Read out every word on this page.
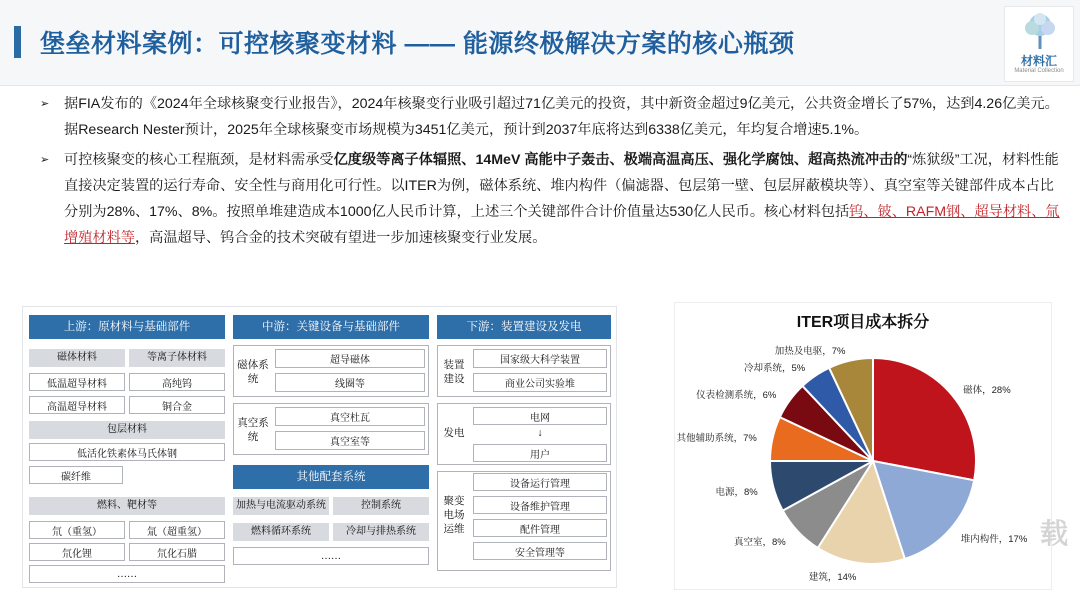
堡垒材料案例：可控核聚变材料 —— 能源终极解决方案的核心瓶颈
材料汇
Material Collection
➢ 据FIA发布的《2024年全球核聚变行业报告》，2024年核聚变行业吸引超过71亿美元的投资，其中新资金超过9亿美元，公共资金增长了57%，达到4.26亿美元。据Research Nester预计，2025年全球核聚变市场规模为3451亿美元，预计到2037年底将达到6338亿美元，年均复合增速5.1%。
➢ 可控核聚变的核心工程瓶颈，是材料需承受亿度级等离子体辐照、14MeV 高能中子轰击、极端高温高压、强化学腐蚀、超高热流冲击的“炼狱级”工况，材料性能直接决定装置的运行寿命、安全性与商用化可行性。以ITER为例，磁体系统、堆内构件（偏滤器、包层第一壁、包层屏蔽模块等）、真空室等关键部件成本占比分别为28%、17%、8%。按照单堆建造成本1000亿人民币计算，上述三个关键部件合计价值量达530亿人民币。核心材料包括钨、铍、RAFM钢、超导材料、氚增殖材料等，高温超导、钨合金的技术突破有望进一步加速核聚变行业发展。
上游：原材料与基础部件
磁体材料	等离子体材料
低温超导材料	高纯钨
高温超导材料	铜合金
包层材料
低活化铁素体马氏体钢
碳纤维
燃料、靶材等
氘（重氢）	氚（超重氢）
氘化锂	氘化石腊
……
中游：关键设备与基础部件
磁体系统
超导磁体
线圈等
真空系统
真空杜瓦
真空室等
其他配套系统
加热与电流驱动系统	控制系统
燃料循环系统	冷却与排热系统
……
下游：装置建设及发电
装置建设
国家级大科学装置
商业公司实验堆
发电
电网
↓
用户
聚变电场运维
设备运行管理
设备维护管理
配件管理
安全管理等
ITER项目成本拆分
磁体，28%
堆内构件，17%
建筑，14%
真空室，8%
电源，8%
其他辅助系统，7%
仪表检测系统，6%
冷却系统，5%
加热及电驱，7%
载
